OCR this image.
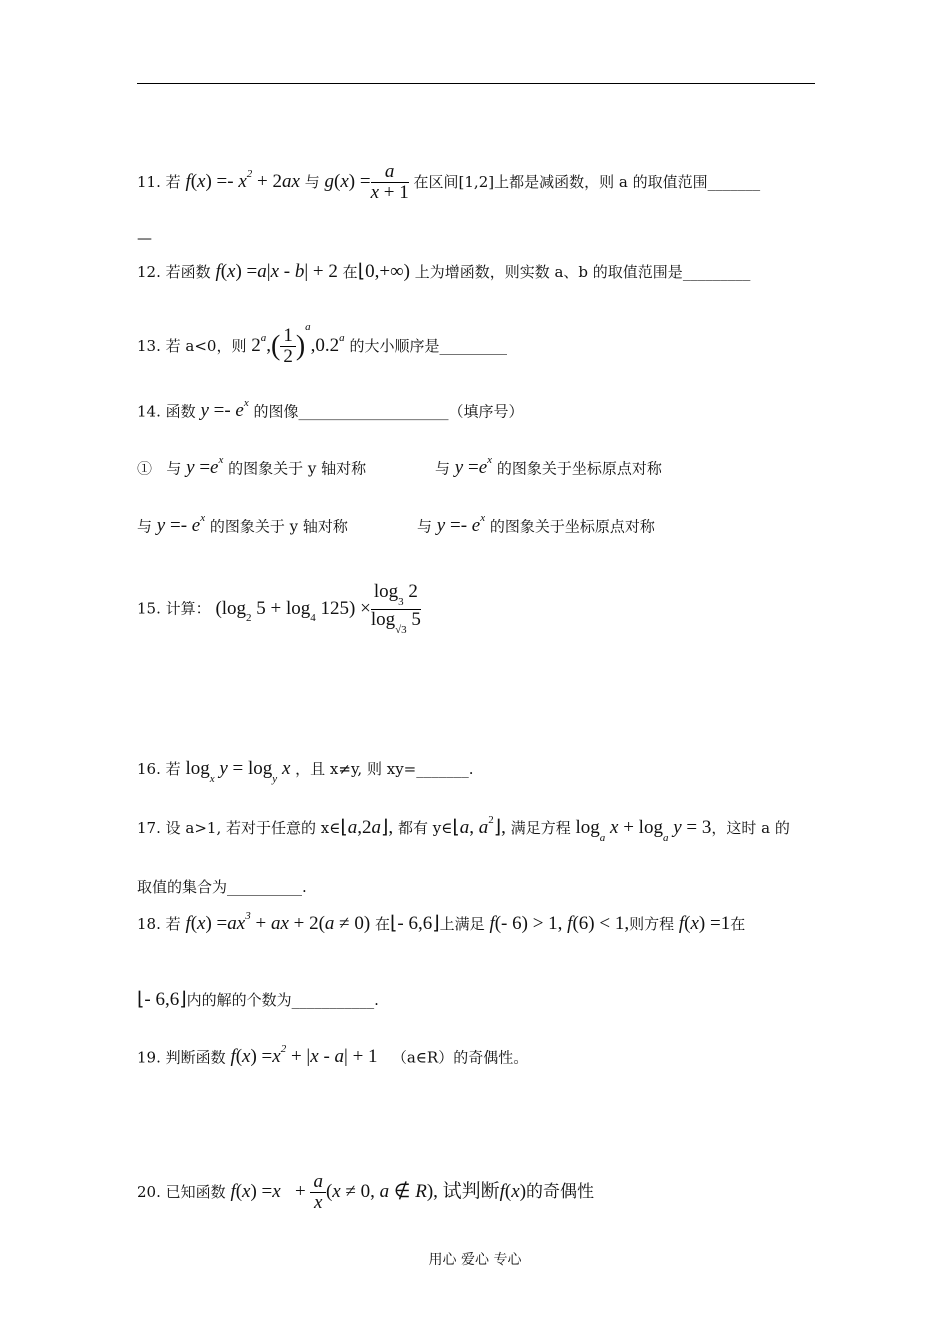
11. 若 $f(x) =- x^2 + 2ax$ 与 $g(x) = \frac{a}{x + 1}$ 在区间[1,2]上都是减函数，则 a 的取值范围_______
—
12. 若函数 f(x) =a|x - b| + 2 在⌊0,+∞) 上为增函数，则实数 a、b 的取值范围是_________
13. 若 a<0，则 $2^a,( \frac{1}{2} )^a,0.2^a$ 的大小顺序是_________
14. 函数 $y =- e^x$ 的图像____________________（填序号）
① 与 $y =e^x$ 的图象关于 y 轴对称	与 $y =e^x$ 的图象关于坐标原点对称
与 $y =- e^x$ 的图象关于 y 轴对称	与 $y =- e^x$ 的图象关于坐标原点对称
15. 计算： ($\log_2$ $5 + \log_4 125) \times \frac{\log_3 2}{\log_{√3} 5}$
16. 若 $\log_x y = \log_y x$ ，且 x≠y, 则 xy=_______.
17. 设 a>1, 若对于任意的 x∈⌊a,2a⌋, 都有 y∈⌊a, $a^2⌋$, 满足方程 $\log_a x + \log_a y = 3$，这时 a 的
取值的集合为__________.
18. 若 $f(x) =ax^3$ + ax + 2(a ≠ 0) 在⌊- 6,6⌋上满足 f(- 6) > 1, f(6) < 1,则方程 f(x) =1在
⌊- 6,6⌋内的解的个数为___________.
19. 判断函数 $f(x) =x^2 + |x - a| + 1$ （a∈R）的奇偶性。
20. 已知函数 $f(x) =x + \frac{a}{x} (x \ne 0$, a ∉ R), 试判断f(x)的奇偶性
用心 爱心 专心
